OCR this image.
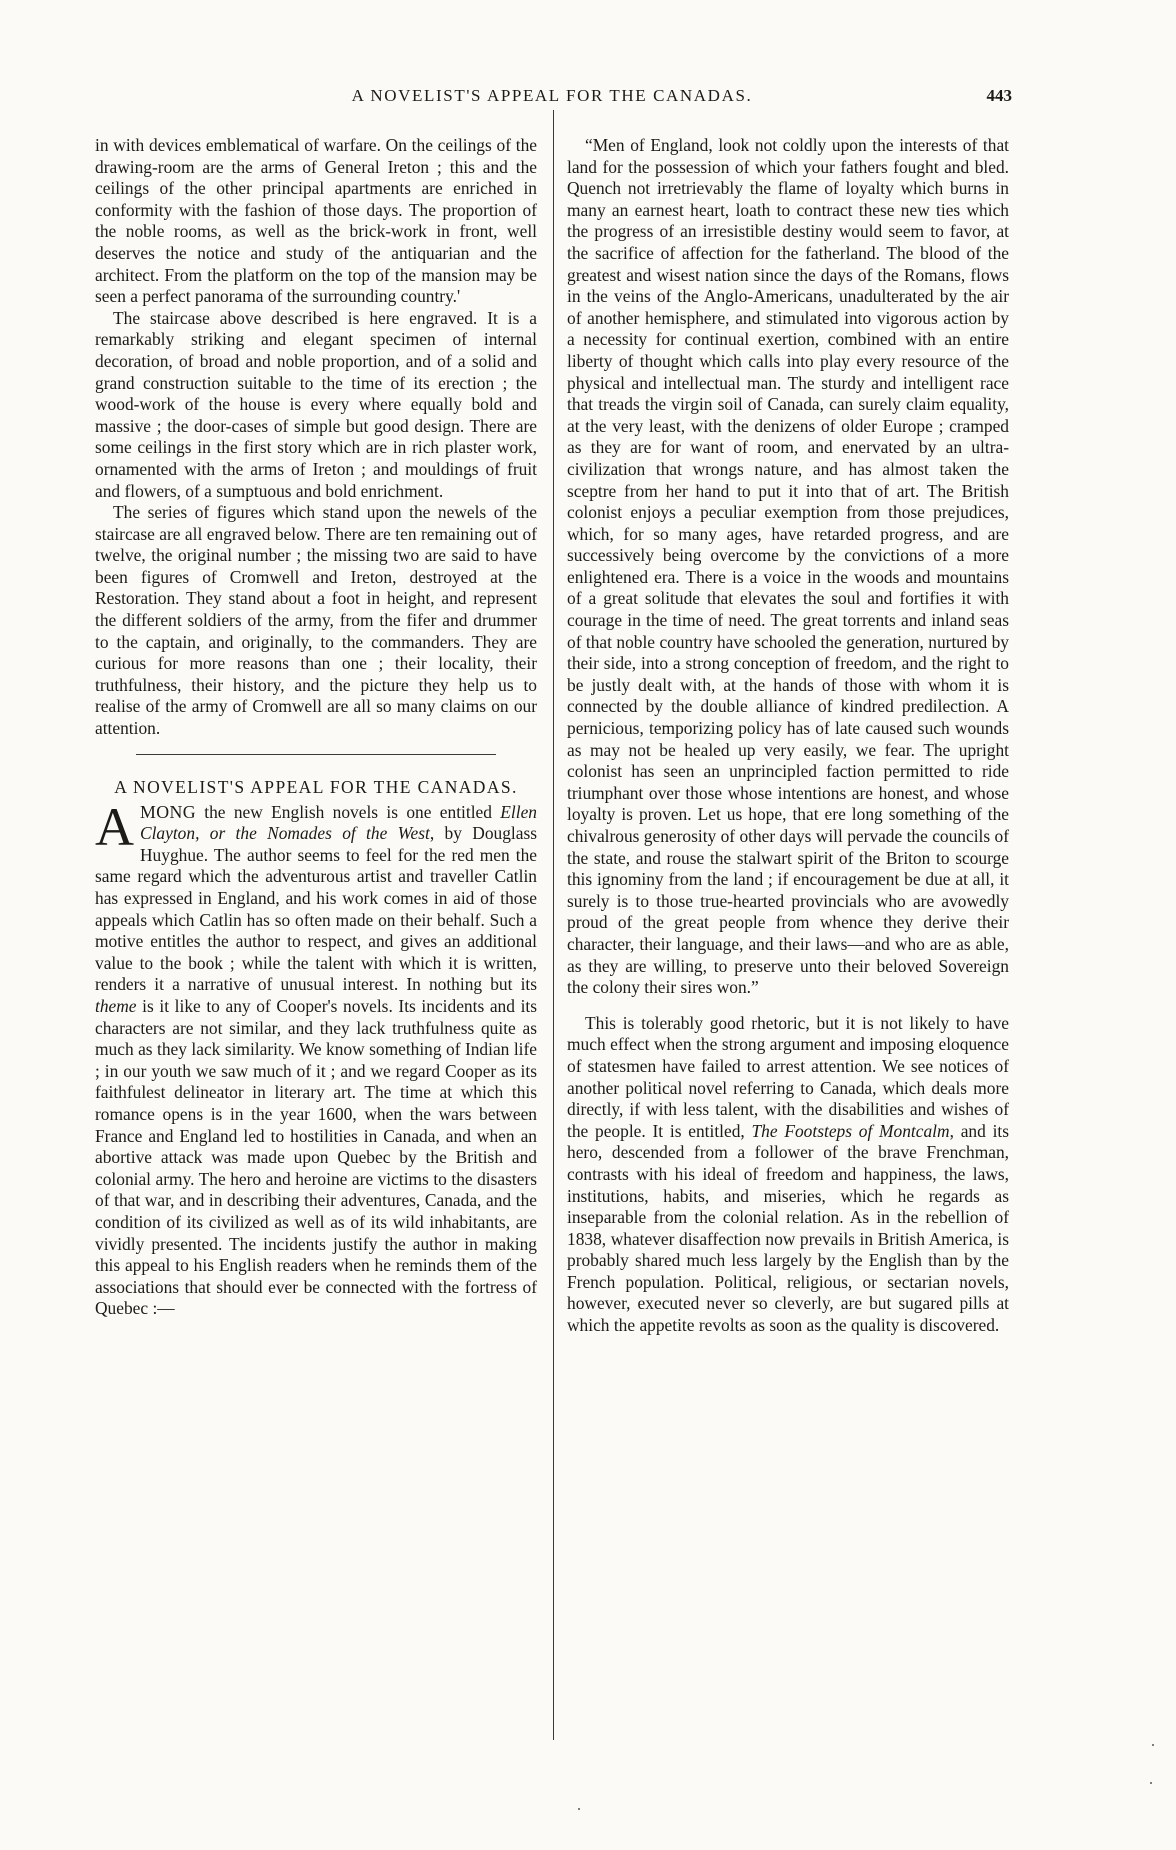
A NOVELIST'S APPEAL FOR THE CANADAS.	443

in with devices emblematical of warfare. On the ceilings of the drawing-room are the arms of General Ireton ; this and the ceilings of the other principal apartments are enriched in conformity with the fashion of those days. The proportion of the noble rooms, as well as the brick-work in front, well deserves the notice and study of the antiquarian and the architect. From the platform on the top of the mansion may be seen a perfect panorama of the surrounding country.'

The staircase above described is here engraved. It is a remarkably striking and elegant specimen of internal decoration, of broad and noble proportion, and of a solid and grand construction suitable to the time of its erection ; the wood-work of the house is every where equally bold and massive ; the door-cases of simple but good design. There are some ceilings in the first story which are in rich plaster work, ornamented with the arms of Ireton ; and mouldings of fruit and flowers, of a sumptuous and bold enrichment.

The series of figures which stand upon the newels of the staircase are all engraved below. There are ten remaining out of twelve, the original number ; the missing two are said to have been figures of Cromwell and Ireton, destroyed at the Restoration. They stand about a foot in height, and represent the different soldiers of the army, from the fifer and drummer to the captain, and originally, to the commanders. They are curious for more reasons than one ; their locality, their truthfulness, their history, and the picture they help us to realise of the army of Cromwell are all so many claims on our attention.

A NOVELIST'S APPEAL FOR THE CANADAS.

AMONG the new English novels is one entitled Ellen Clayton, or the Nomades of the West, by Douglass Huyghue. The author seems to feel for the red men the same regard which the adventurous artist and traveller Catlin has expressed in England, and his work comes in aid of those appeals which Catlin has so often made on their behalf. Such a motive entitles the author to respect, and gives an additional value to the book ; while the talent with which it is written, renders it a narrative of unusual interest. In nothing but its theme is it like to any of Cooper's novels. Its incidents and its characters are not similar, and they lack truthfulness quite as much as they lack similarity. We know something of Indian life ; in our youth we saw much of it ; and we regard Cooper as its faithfulest delineator in literary art. The time at which this romance opens is in the year 1600, when the wars between France and England led to hostilities in Canada, and when an abortive attack was made upon Quebec by the British and colonial army. The hero and heroine are victims to the disasters of that war, and in describing their adventures, Canada, and the condition of its civilized as well as of its wild inhabitants, are vividly presented. The incidents justify the author in making this appeal to his English readers when he reminds them of the associations that should ever be connected with the fortress of Quebec :—

“Men of England, look not coldly upon the interests of that land for the possession of which your fathers fought and bled. Quench not irretrievably the flame of loyalty which burns in many an earnest heart, loath to contract these new ties which the progress of an irresistible destiny would seem to favor, at the sacrifice of affection for the fatherland. The blood of the greatest and wisest nation since the days of the Romans, flows in the veins of the Anglo-Americans, unadulterated by the air of another hemisphere, and stimulated into vigorous action by a necessity for continual exertion, combined with an entire liberty of thought which calls into play every resource of the physical and intellectual man. The sturdy and intelligent race that treads the virgin soil of Canada, can surely claim equality, at the very least, with the denizens of older Europe ; cramped as they are for want of room, and enervated by an ultra-civilization that wrongs nature, and has almost taken the sceptre from her hand to put it into that of art. The British colonist enjoys a peculiar exemption from those prejudices, which, for so many ages, have retarded progress, and are successively being overcome by the convictions of a more enlightened era. There is a voice in the woods and mountains of a great solitude that elevates the soul and fortifies it with courage in the time of need. The great torrents and inland seas of that noble country have schooled the generation, nurtured by their side, into a strong conception of freedom, and the right to be justly dealt with, at the hands of those with whom it is connected by the double alliance of kindred predilection. A pernicious, temporizing policy has of late caused such wounds as may not be healed up very easily, we fear. The upright colonist has seen an unprincipled faction permitted to ride triumphant over those whose intentions are honest, and whose loyalty is proven. Let us hope, that ere long something of the chivalrous generosity of other days will pervade the councils of the state, and rouse the stalwart spirit of the Briton to scourge this ignominy from the land ; if encouragement be due at all, it surely is to those true-hearted provincials who are avowedly proud of the great people from whence they derive their character, their language, and their laws—and who are as able, as they are willing, to preserve unto their beloved Sovereign the colony their sires won.”

This is tolerably good rhetoric, but it is not likely to have much effect when the strong argument and imposing eloquence of statesmen have failed to arrest attention. We see notices of another political novel referring to Canada, which deals more directly, if with less talent, with the disabilities and wishes of the people. It is entitled, The Footsteps of Montcalm, and its hero, descended from a follower of the brave Frenchman, contrasts with his ideal of freedom and happiness, the laws, institutions, habits, and miseries, which he regards as inseparable from the colonial relation. As in the rebellion of 1838, whatever disaffection now prevails in British America, is probably shared much less largely by the English than by the French population. Political, religious, or sectarian novels, however, executed never so cleverly, are but sugared pills at which the appetite revolts as soon as the quality is discovered.
